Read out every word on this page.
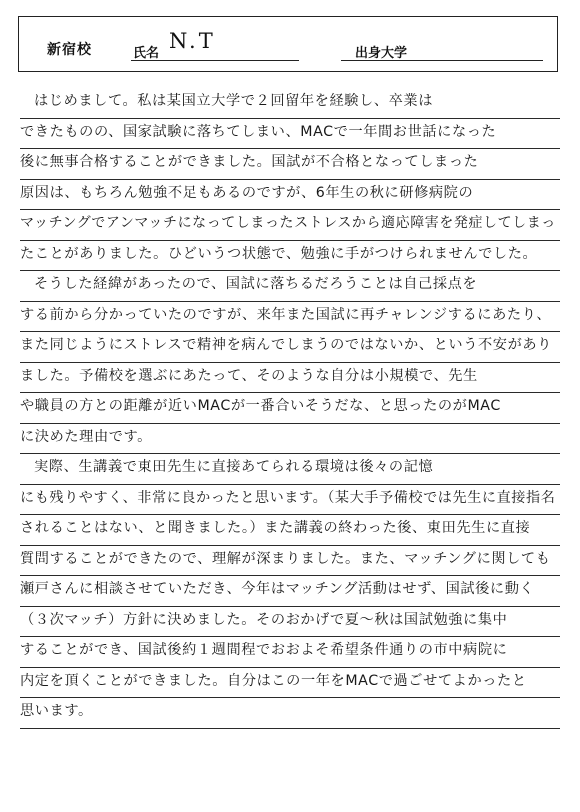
新宿校	氏名
N.T
出身大学
はじめまして。私は某国立大学で２回留年を経験し、卒業は
できたものの、国家試験に落ちてしまい、MACで一年間お世話になった
後に無事合格することができました。国試が不合格となってしまった
原因は、もちろん勉強不足もあるのですが、6年生の秋に研修病院の
マッチングでアンマッチになってしまったストレスから適応障害を発症してしまっ
たことがありました。ひどいうつ状態で、勉強に手がつけられませんでした。
そうした経緯があったので、国試に落ちるだろうことは自己採点を
する前から分かっていたのですが、来年また国試に再チャレンジするにあたり、
また同じようにストレスで精神を病んでしまうのではないか、という不安があり
ました。予備校を選ぶにあたって、そのような自分は小規模で、先生
や職員の方との距離が近いMACが一番合いそうだな、と思ったのがMAC
に決めた理由です。
実際、生講義で東田先生に直接あてられる環境は後々の記憶
にも残りやすく、非常に良かったと思います。（某大手予備校では先生に直接指名
されることはない、と聞きました。）また講義の終わった後、東田先生に直接
質問することができたので、理解が深まりました。また、マッチングに関しても
瀬戸さんに相談させていただき、今年はマッチング活動はせず、国試後に動く
（３次マッチ）方針に決めました。そのおかげで夏～秋は国試勉強に集中
することができ、国試後約１週間程でおおよそ希望条件通りの市中病院に
内定を頂くことができました。自分はこの一年をMACで過ごせてよかったと
思います。
